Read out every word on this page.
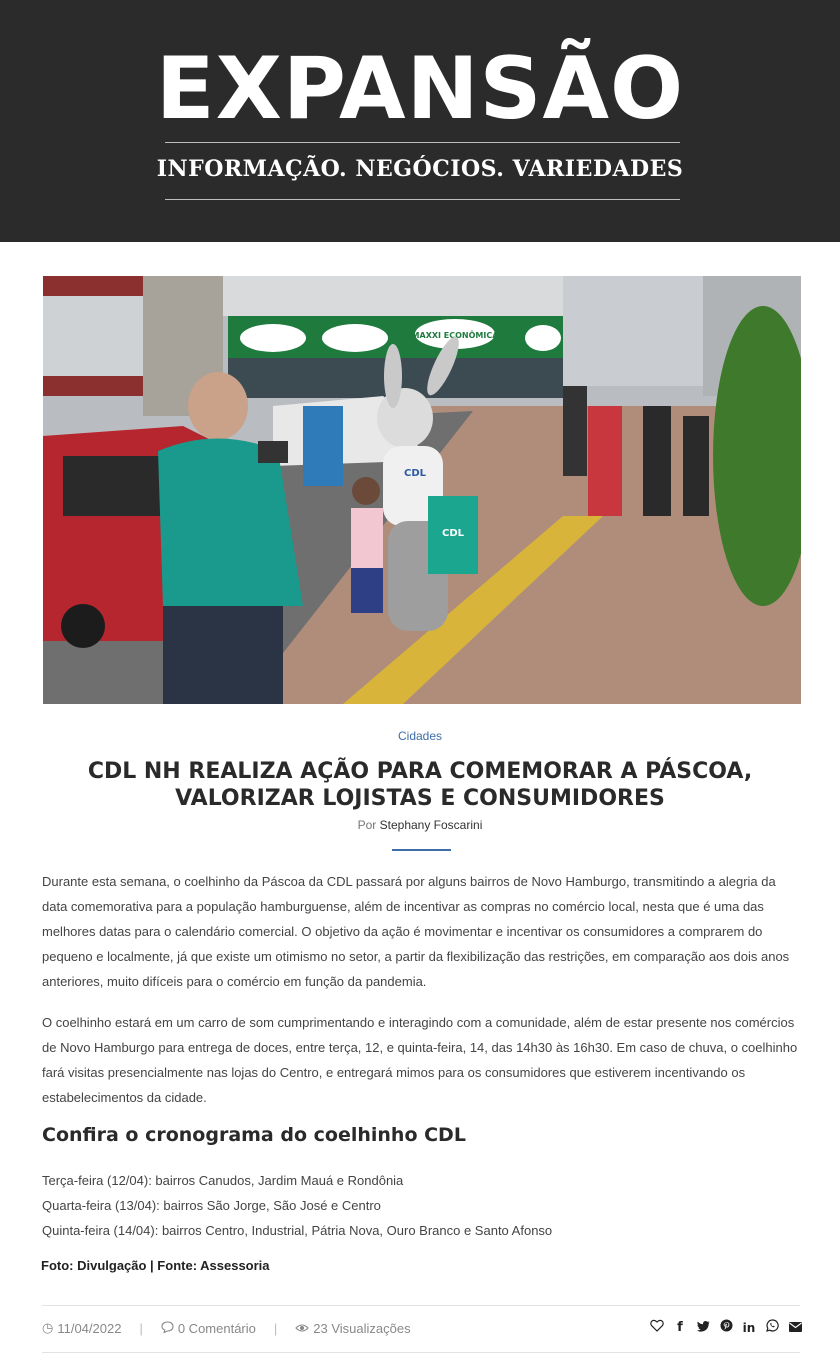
EXPANSÃO
INFORMAÇÃO. NEGÓCIOS. VARIEDADES
MAXXI ECONÔMICA
CDL
CDL
Cidades
CDL NH REALIZA AÇÃO PARA COMEMORAR A PÁSCOA, VALORIZAR LOJISTAS E CONSUMIDORES
Por Stephany Foscarini

Durante esta semana, o coelhinho da Páscoa da CDL passará por alguns bairros de Novo Hamburgo, transmitindo a alegria da data comemorativa para a população hamburguense, além de incentivar as compras no comércio local, nesta que é uma das melhores datas para o calendário comercial. O objetivo da ação é movimentar e incentivar os consumidores a comprarem do pequeno e localmente, já que existe um otimismo no setor, a partir da flexibilização das restrições, em comparação aos dois anos anteriores, muito difíceis para o comércio em função da pandemia.

O coelhinho estará em um carro de som cumprimentando e interagindo com a comunidade, além de estar presente nos comércios de Novo Hamburgo para entrega de doces, entre terça, 12, e quinta-feira, 14, das 14h30 às 16h30. Em caso de chuva, o coelhinho fará visitas presencialmente nas lojas do Centro, e entregará mimos para os consumidores que estiverem incentivando os estabelecimentos da cidade.

Confira o cronograma do coelhinho CDL
Terça-feira (12/04): bairros Canudos, Jardim Mauá e Rondônia
Quarta-feira (13/04): bairros São Jorge, São José e Centro
Quinta-feira (14/04): bairros Centro, Industrial, Pátria Nova, Ouro Branco e Santo Afonso
Foto: Divulgação | Fonte: Assessoria
◷ 11/04/2022 |	0 Comentário |	23 Visualizações	f	in
